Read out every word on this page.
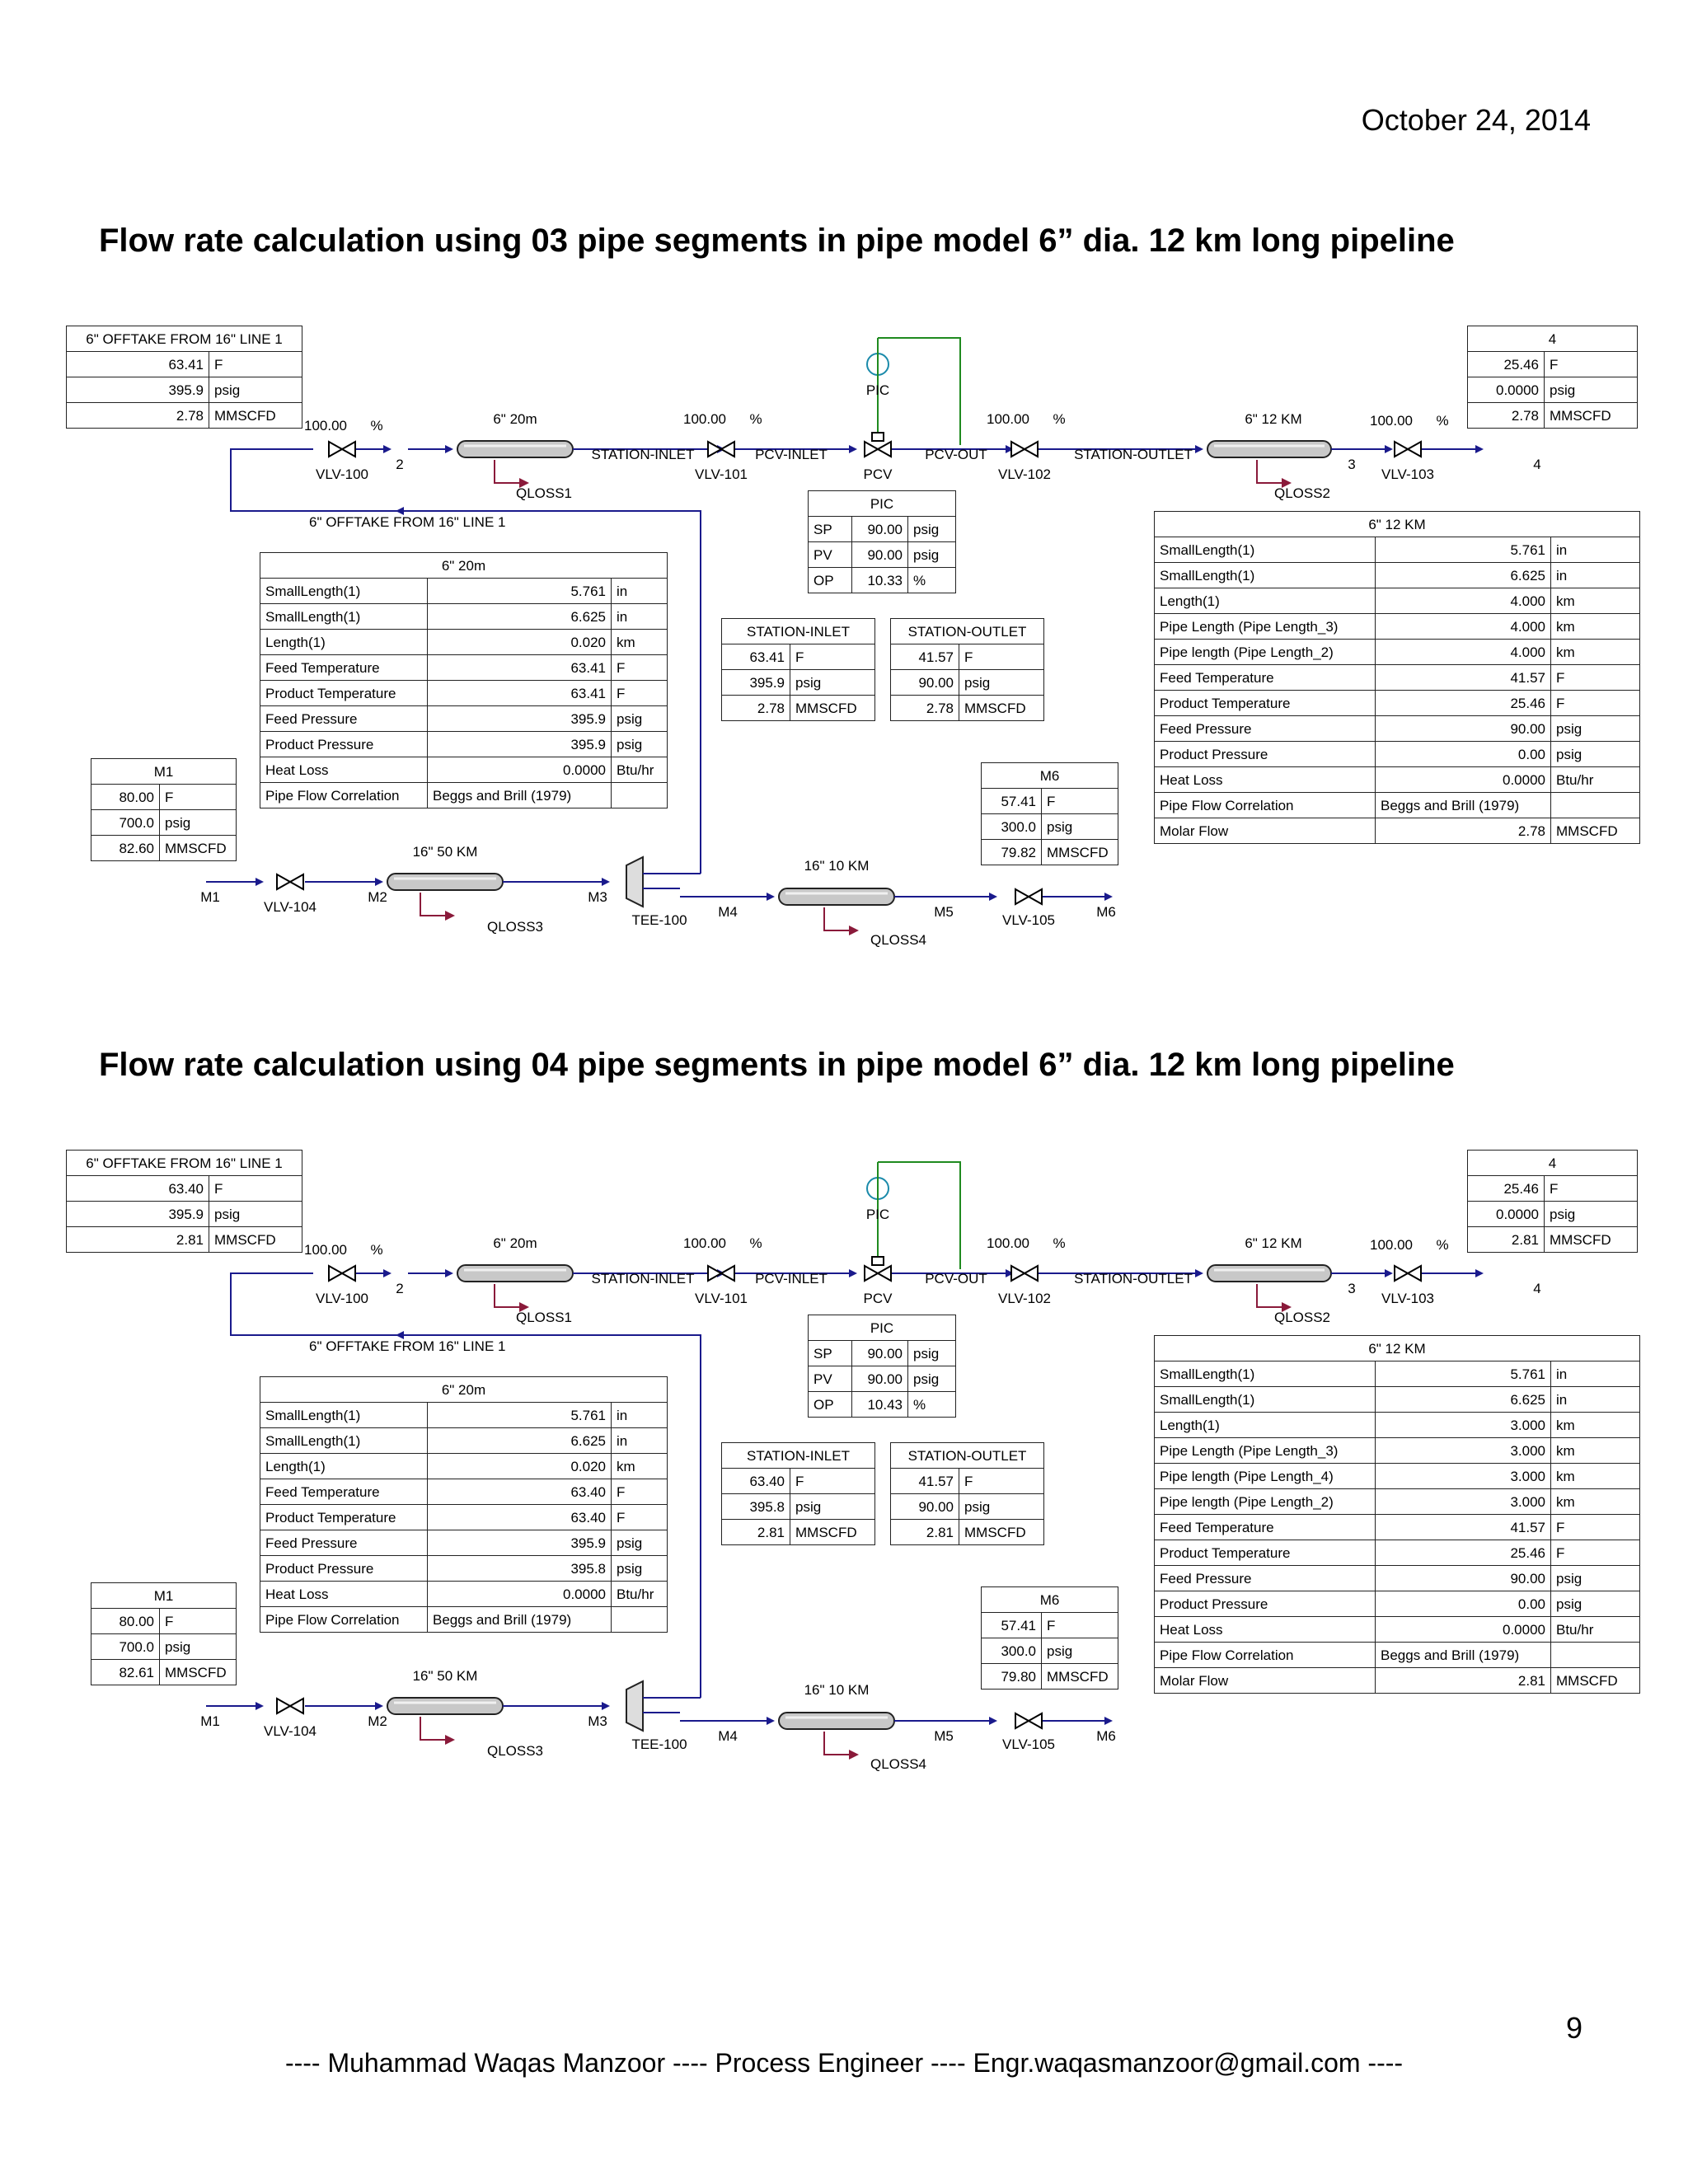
October 24, 2014
Flow rate calculation using 03 pipe segments in pipe model 6” dia. 12 km long pipeline
6" 20m	6" 12 KM
16" 50 KM
16" 10 KM
6" OFFTAKE FROM 16" LINE 1
PIC
PCV
VLV-100	VLV-101	VLV-102	VLV-103
VLV-104
VLV-105
100.00 %	100.00 %	100.00 %	100.00 %
2
STATION-INLET	PCV-INLET	PCV-OUT	STATION-OUTLET
3	4
M1	M2	M3
M4	M5	M6
QLOSS1	QLOSS2
QLOSS3
QLOSS4
TEE-100
6" OFFTAKE FROM 16" LINE 1	
63.41	F
395.9	psig
2.78	MMSCFD
4	
25.46	F
0.0000	psig
2.78	MMSCFD
PIC		
SP	90.00	psig
PV	90.00	psig
OP	10.33	%
STATION-INLET	
63.41	F
395.9	psig
2.78	MMSCFD
STATION-OUTLET	
41.57	F
90.00	psig
2.78	MMSCFD
M1	
80.00	F
700.0	psig
82.60	MMSCFD
M6	
57.41	F
300.0	psig
79.82	MMSCFD
6" 20m		
SmallLength(1)	5.761	in
SmallLength(1)	6.625	in
Length(1)	0.020	km
Feed Temperature	63.41	F
Product Temperature	63.41	F
Feed Pressure	395.9	psig
Product Pressure	395.9	psig
Heat Loss	0.0000	Btu/hr
Pipe Flow Correlation	Beggs and Brill (1979)	
6" 12 KM		
SmallLength(1)	5.761	in
SmallLength(1)	6.625	in
Length(1)	4.000	km
Pipe Length (Pipe Length_3)	4.000	km
Pipe length (Pipe Length_2)	4.000	km
Feed Temperature	41.57	F
Product Temperature	25.46	F
Feed Pressure	90.00	psig
Product Pressure	0.00	psig
Heat Loss	0.0000	Btu/hr
Pipe Flow Correlation	Beggs and Brill (1979)	
Molar Flow	2.78	MMSCFD
Flow rate calculation using 04 pipe segments in pipe model 6” dia. 12 km long pipeline
6" 20m	6" 12 KM
16" 50 KM
16" 10 KM
6" OFFTAKE FROM 16" LINE 1
PIC
PCV
VLV-100	VLV-101	VLV-102	VLV-103
VLV-104
VLV-105
100.00 %	100.00 %	100.00 %	100.00 %
2
STATION-INLET	PCV-INLET	PCV-OUT	STATION-OUTLET
3	4
M1	M2	M3
M4	M5	M6
QLOSS1	QLOSS2
QLOSS3
QLOSS4
TEE-100
6" OFFTAKE FROM 16" LINE 1	
63.40	F
395.9	psig
2.81	MMSCFD
4	
25.46	F
0.0000	psig
2.81	MMSCFD
PIC		
SP	90.00	psig
PV	90.00	psig
OP	10.43	%
STATION-INLET	
63.40	F
395.8	psig
2.81	MMSCFD
STATION-OUTLET	
41.57	F
90.00	psig
2.81	MMSCFD
M1	
80.00	F
700.0	psig
82.61	MMSCFD
M6	
57.41	F
300.0	psig
79.80	MMSCFD
6" 20m		
SmallLength(1)	5.761	in
SmallLength(1)	6.625	in
Length(1)	0.020	km
Feed Temperature	63.40	F
Product Temperature	63.40	F
Feed Pressure	395.9	psig
Product Pressure	395.8	psig
Heat Loss	0.0000	Btu/hr
Pipe Flow Correlation	Beggs and Brill (1979)	
6" 12 KM		
SmallLength(1)	5.761	in
SmallLength(1)	6.625	in
Length(1)	3.000	km
Pipe Length (Pipe Length_3)	3.000	km
Pipe length (Pipe Length_4)	3.000	km
Pipe length (Pipe Length_2)	3.000	km
Feed Temperature	41.57	F
Product Temperature	25.46	F
Feed Pressure	90.00	psig
Product Pressure	0.00	psig
Heat Loss	0.0000	Btu/hr
Pipe Flow Correlation	Beggs and Brill (1979)	
Molar Flow	2.81	MMSCFD
9
---- Muhammad Waqas Manzoor ---- Process Engineer ---- Engr.waqasmanzoor@gmail.com ----
